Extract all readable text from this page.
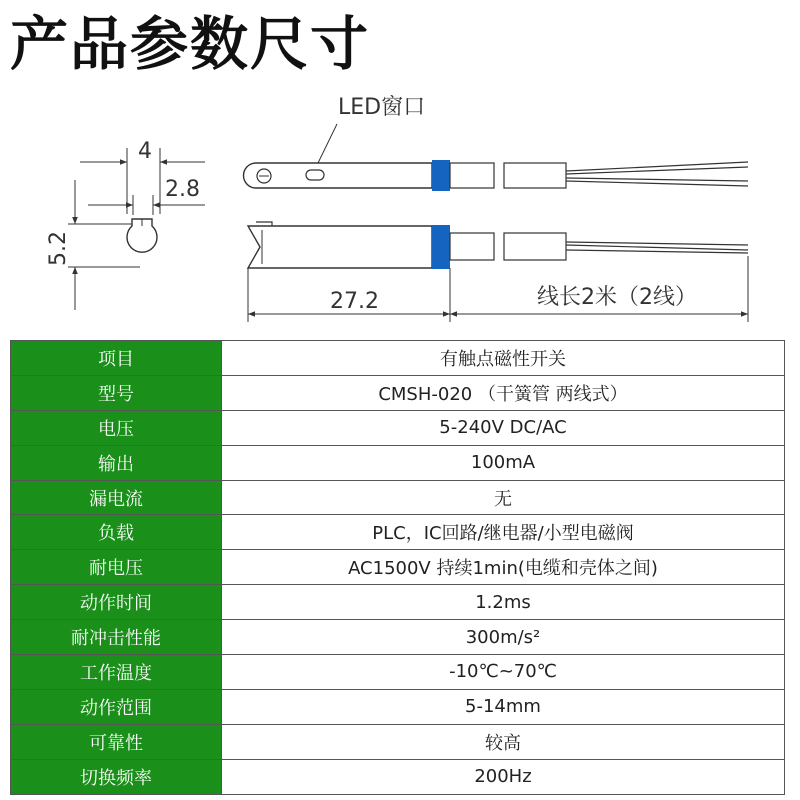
产品参数尺寸
4
2.8
5.2
LED窗口
27.2	线长2米（2线）
项目	有触点磁性开关
型号	CMSH-020 （干簧管 两线式）
电压	5-240V DC/AC
输出	100mA
漏电流	无
负载	PLC，IC回路/继电器/小型电磁阀
耐电压	AC1500V 持续1min(电缆和壳体之间)
动作时间	1.2ms
耐冲击性能	300m/s²
工作温度	-10℃~70℃
动作范围	5-14mm
可靠性	较高
切换频率	200Hz
